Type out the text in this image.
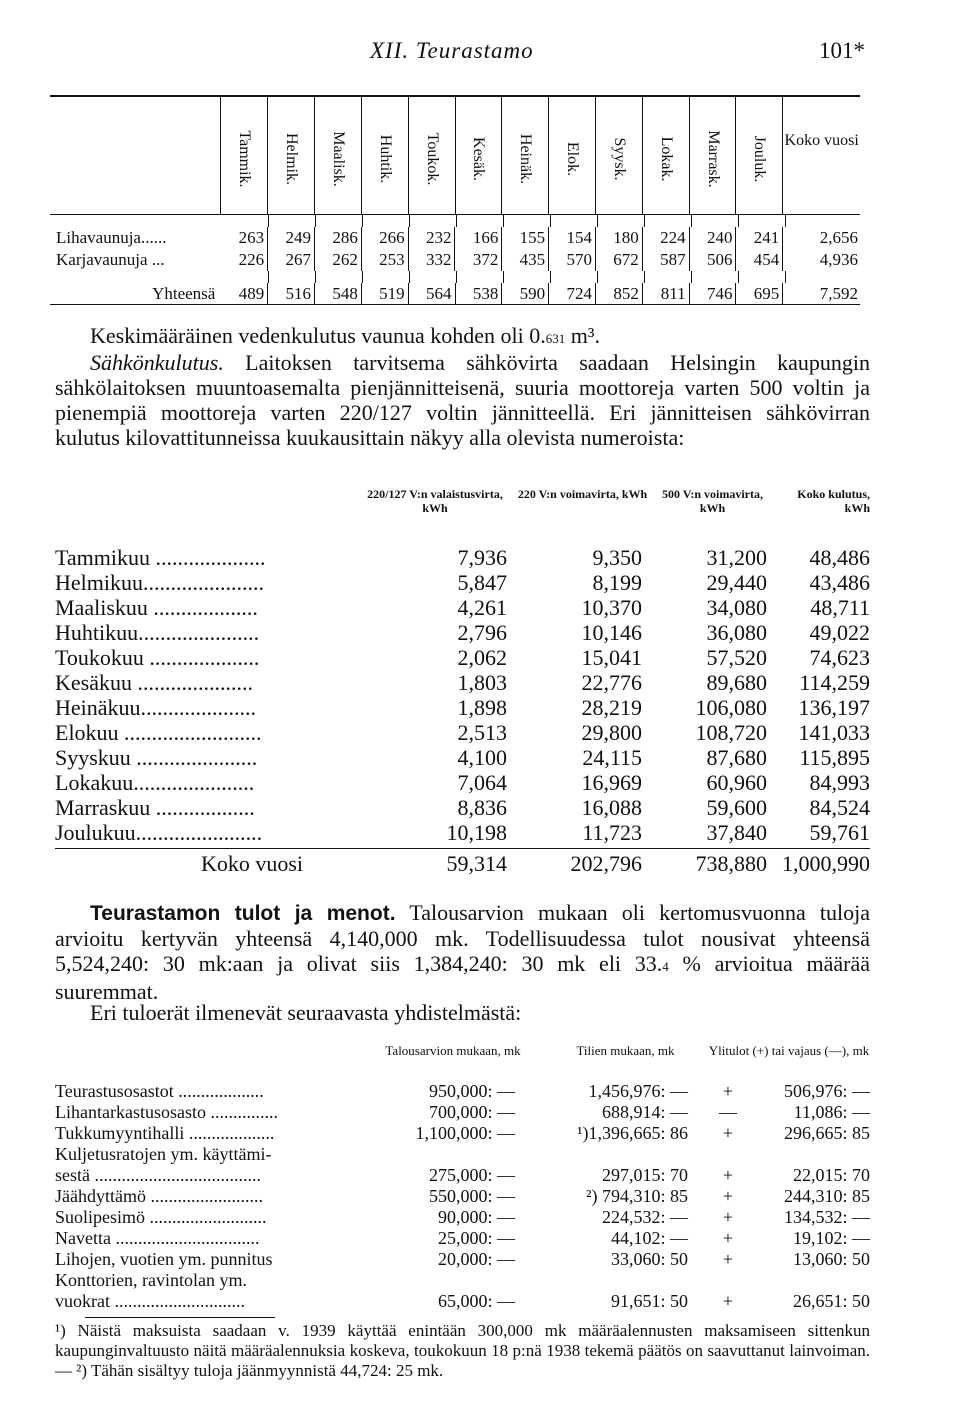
XII. Teurastamo	101*
Tammik. Helmik. Maalisk. Huhtik. Toukok. Kesäk. Heinäk. Elok. Syysk. Lokak. Marrask. Jouluk. Koko vuosi
Lihavaunuja......	263	249	286	266	232	166	155	154	180	224	240	241	2,656
Karjavaunuja ...	226	267	262	253	332	372	435	570	672	587	506	454	4,936
Yhteensä	489	516	548	519	564	538	590	724	852	811	746	695	7,592
Keskimääräinen vedenkulutus vaunua kohden oli 0.631 m³.
Sähkönkulutus. Laitoksen tarvitsema sähkövirta saadaan Helsingin kaupungin sähkölaitoksen muuntoasemalta pienjännitteisenä, suuria moottoreja varten 500 voltin ja pienempiä moottoreja varten 220/127 voltin jännitteellä. Eri jännitteisen sähkövirran kulutus kilovattitunneissa kuukausittain näkyy alla olevista numeroista:
220/127 V:n valaistusvirta, kWh
220 V:n voimavirta, kWh	500 V:n voimavirta, kWh
Koko kulutus, kWh
Tammikuu ....................	7,936	9,350	31,200	48,486
Helmikuu......................	5,847	8,199	29,440	43,486
Maaliskuu ...................	4,261	10,370	34,080	48,711
Huhtikuu......................	2,796	10,146	36,080	49,022
Toukokuu ....................	2,062	15,041	57,520	74,623
Kesäkuu .....................	1,803	22,776	89,680	114,259
Heinäkuu.....................	1,898	28,219	106,080	136,197
Elokuu .........................	2,513	29,800	108,720	141,033
Syyskuu ......................	4,100	24,115	87,680	115,895
Lokakuu......................	7,064	16,969	60,960	84,993
Marraskuu ..................	8,836	16,088	59,600	84,524
Joulukuu.......................	10,198	11,723	37,840	59,761
Koko vuosi	59,314	202,796	738,880 1,000,990
Teurastamon tulot ja menot. Talousarvion mukaan oli kertomusvuonna tuloja arvioitu kertyvän yhteensä 4,140,000 mk. Todellisuudessa tulot nousivat yhteensä 5,524,240: 30 mk:aan ja olivat siis 1,384,240: 30 mk eli 33.4 % arvioitua määrää suuremmat.
Eri tuloerät ilmenevät seuraavasta yhdistelmästä:
Talousarvion mukaan, mk	Tilien mukaan, mk	Ylitulot (+) tai vajaus (—), mk
Teurastusosastot ...................	950,000: —	1,456,976: —	+	506,976: —
Lihantarkastusosasto ...............	700,000: —	688,914: —	—	11,086: —
Tukkumyyntihalli ...................	1,100,000: —	¹)1,396,665: 86	+	296,665: 85
Kuljetusratojen ym. käyttämi-
sestä .....................................	275,000: —	297,015: 70	+	22,015: 70
Jäähdyttämö .........................	550,000: —	²) 794,310: 85	+	244,310: 85
Suolipesimö ..........................	90,000: —	224,532: —	+	134,532: —
Navetta ................................	25,000: —	44,102: —	+	19,102: —
Lihojen, vuotien ym. punnitus	20,000: —	33,060: 50	+	13,060: 50
Konttorien, ravintolan ym.
vuokrat .............................	65,000: —	91,651: 50	+	26,651: 50
¹) Näistä maksuista saadaan v. 1939 käyttää enintään 300,000 mk määräalennusten maksamiseen sittenkun kaupunginvaltuusto näitä määräalennuksia koskeva, toukokuun 18 p:nä 1938 tekemä päätös on saavuttanut lainvoiman. — ²) Tähän sisältyy tuloja jäänmyynnistä 44,724: 25 mk.
